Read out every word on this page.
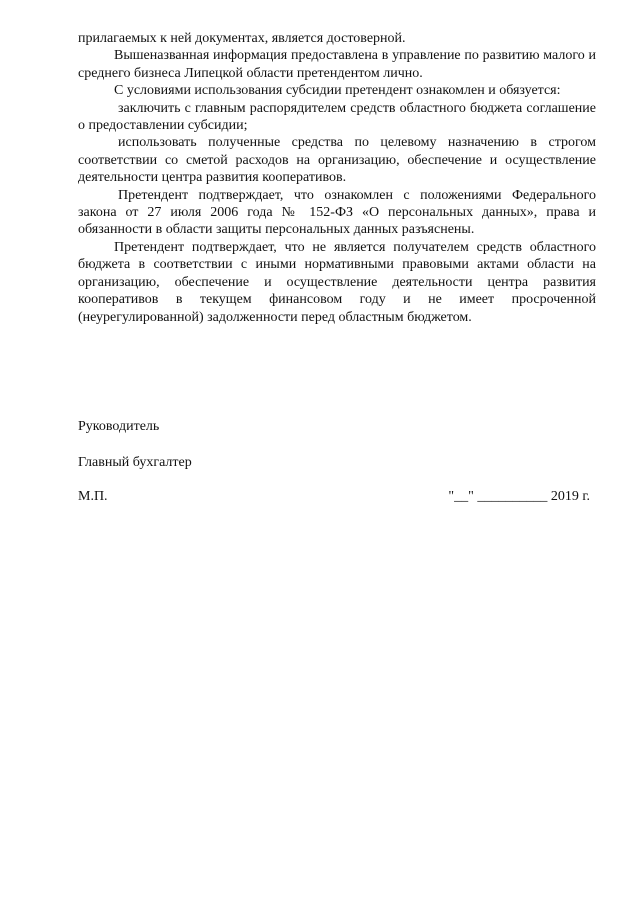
прилагаемых к ней документах, является достоверной.

Вышеназванная информация предоставлена в управление по развитию малого и среднего бизнеса Липецкой области претендентом лично.

С условиями использования субсидии претендент ознакомлен и обязуется:

заключить с главным распорядителем средств областного бюджета соглашение о предоставлении субсидии;

использовать полученные средства по целевому назначению в строгом соответствии со сметой расходов на организацию, обеспечение и осуществление деятельности центра развития кооперативов.

Претендент подтверждает, что ознакомлен с положениями Федерального закона от 27 июля 2006 года № 152-ФЗ «О персональных данных», права и обязанности в области защиты персональных данных разъяснены.

Претендент подтверждает, что не является получателем средств областного бюджета в соответствии с иными нормативными правовыми актами области на организацию, обеспечение и осуществление деятельности центра развития кооперативов в текущем финансовом году и не имеет просроченной (неурегулированной) задолженности перед областным бюджетом.

Руководитель
Главный бухгалтер
М.П.	"__" __________ 2019 г.
